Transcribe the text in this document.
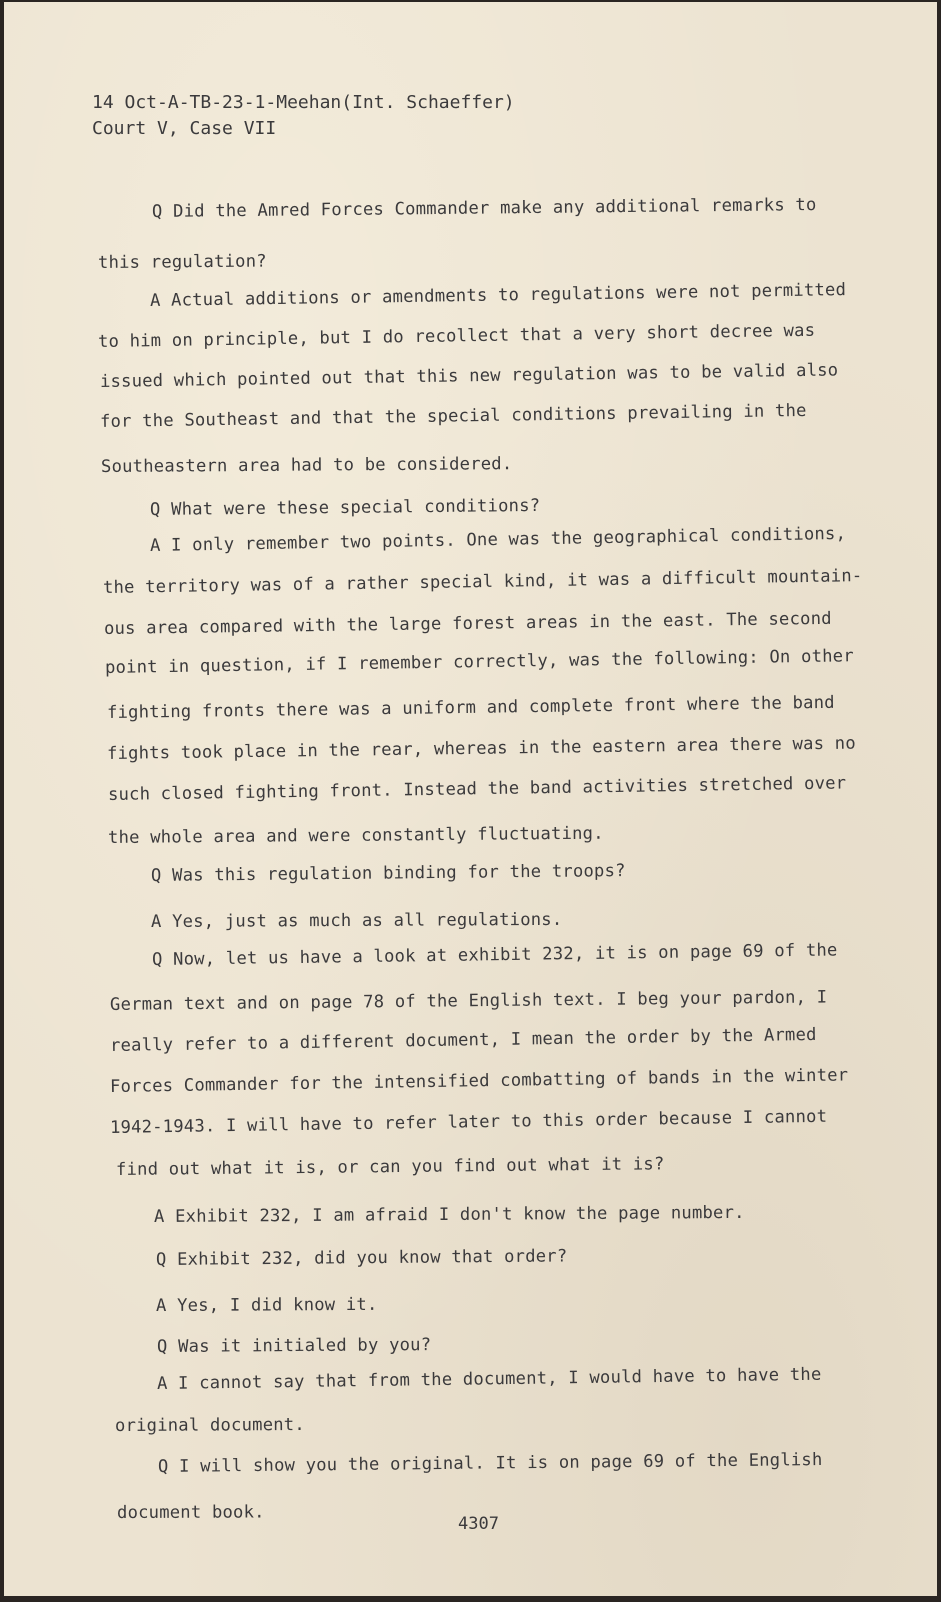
14 Oct-A-TB-23-1-Meehan(Int. Schaeffer)
Court V, Case VII
Q Did the Amred Forces Commander make any additional remarks to
this regulation?
A Actual additions or amendments to regulations were not permitted
to him on principle, but I do recollect that a very short decree was
issued which pointed out that this new regulation was to be valid also
for the Southeast and that the special conditions prevailing in the
Southeastern area had to be considered.
Q What were these special conditions?
A I only remember two points. One was the geographical conditions,
the territory was of a rather special kind, it was a difficult mountain-
ous area compared with the large forest areas in the east. The second
point in question, if I remember correctly, was the following: On other
fighting fronts there was a uniform and complete front where the band
fights took place in the rear, whereas in the eastern area there was no
such closed fighting front. Instead the band activities stretched over
the whole area and were constantly fluctuating.
Q Was this regulation binding for the troops?
A Yes, just as much as all regulations.
Q Now, let us have a look at exhibit 232, it is on page 69 of the
German text and on page 78 of the English text. I beg your pardon, I
really refer to a different document, I mean the order by the Armed
Forces Commander for the intensified combatting of bands in the winter
1942-1943. I will have to refer later to this order because I cannot
find out what it is, or can you find out what it is?
A Exhibit 232, I am afraid I don't know the page number.
Q Exhibit 232, did you know that order?
A Yes, I did know it.
Q Was it initialed by you?
A I cannot say that from the document, I would have to have the
original document.
Q I will show you the original. It is on page 69 of the English
document book.
4307
